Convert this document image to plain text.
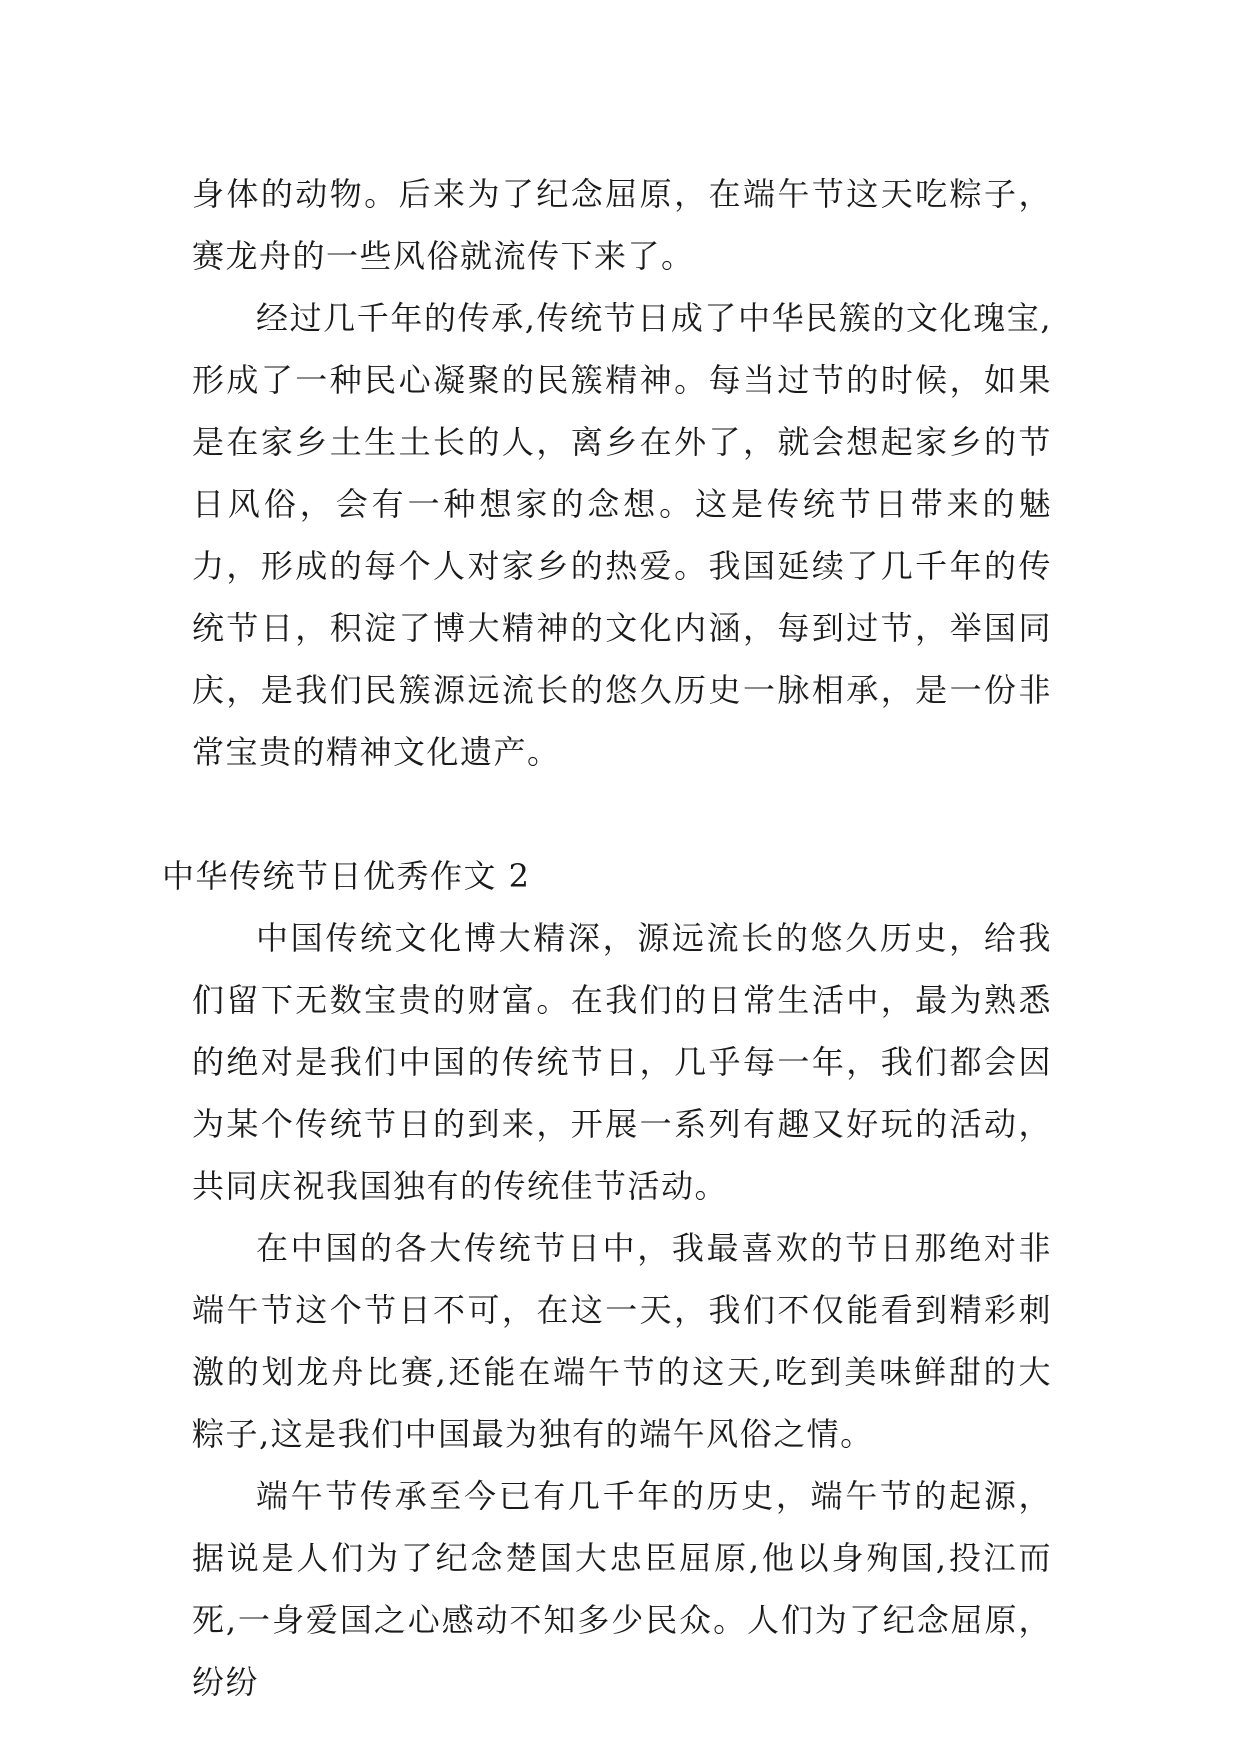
身体的动物。后来为了纪念屈原，在端午节这天吃粽子，赛龙舟的一些风俗就流传下来了。

经过几千年的传承,传统节日成了中华民簇的文化瑰宝,形成了一种民心凝聚的民簇精神。每当过节的时候，如果是在家乡土生土长的人，离乡在外了，就会想起家乡的节日风俗，会有一种想家的念想。这是传统节日带来的魅力，形成的每个人对家乡的热爱。我国延续了几千年的传统节日，积淀了博大精神的文化内涵，每到过节，举国同庆，是我们民簇源远流长的悠久历史一脉相承，是一份非常宝贵的精神文化遗产。

中华传统节日优秀作文 2

中国传统文化博大精深，源远流长的悠久历史，给我们留下无数宝贵的财富。在我们的日常生活中，最为熟悉的绝对是我们中国的传统节日，几乎每一年，我们都会因为某个传统节日的到来，开展一系列有趣又好玩的活动，共同庆祝我国独有的传统佳节活动。

在中国的各大传统节日中，我最喜欢的节日那绝对非端午节这个节日不可，在这一天，我们不仅能看到精彩刺激的划龙舟比赛,还能在端午节的这天,吃到美味鲜甜的大粽子,这是我们中国最为独有的端午风俗之情。

端午节传承至今已有几千年的历史，端午节的起源，据说是人们为了纪念楚国大忠臣屈原,他以身殉国,投江而死,一身爱国之心感动不知多少民众。人们为了纪念屈原，纷纷
